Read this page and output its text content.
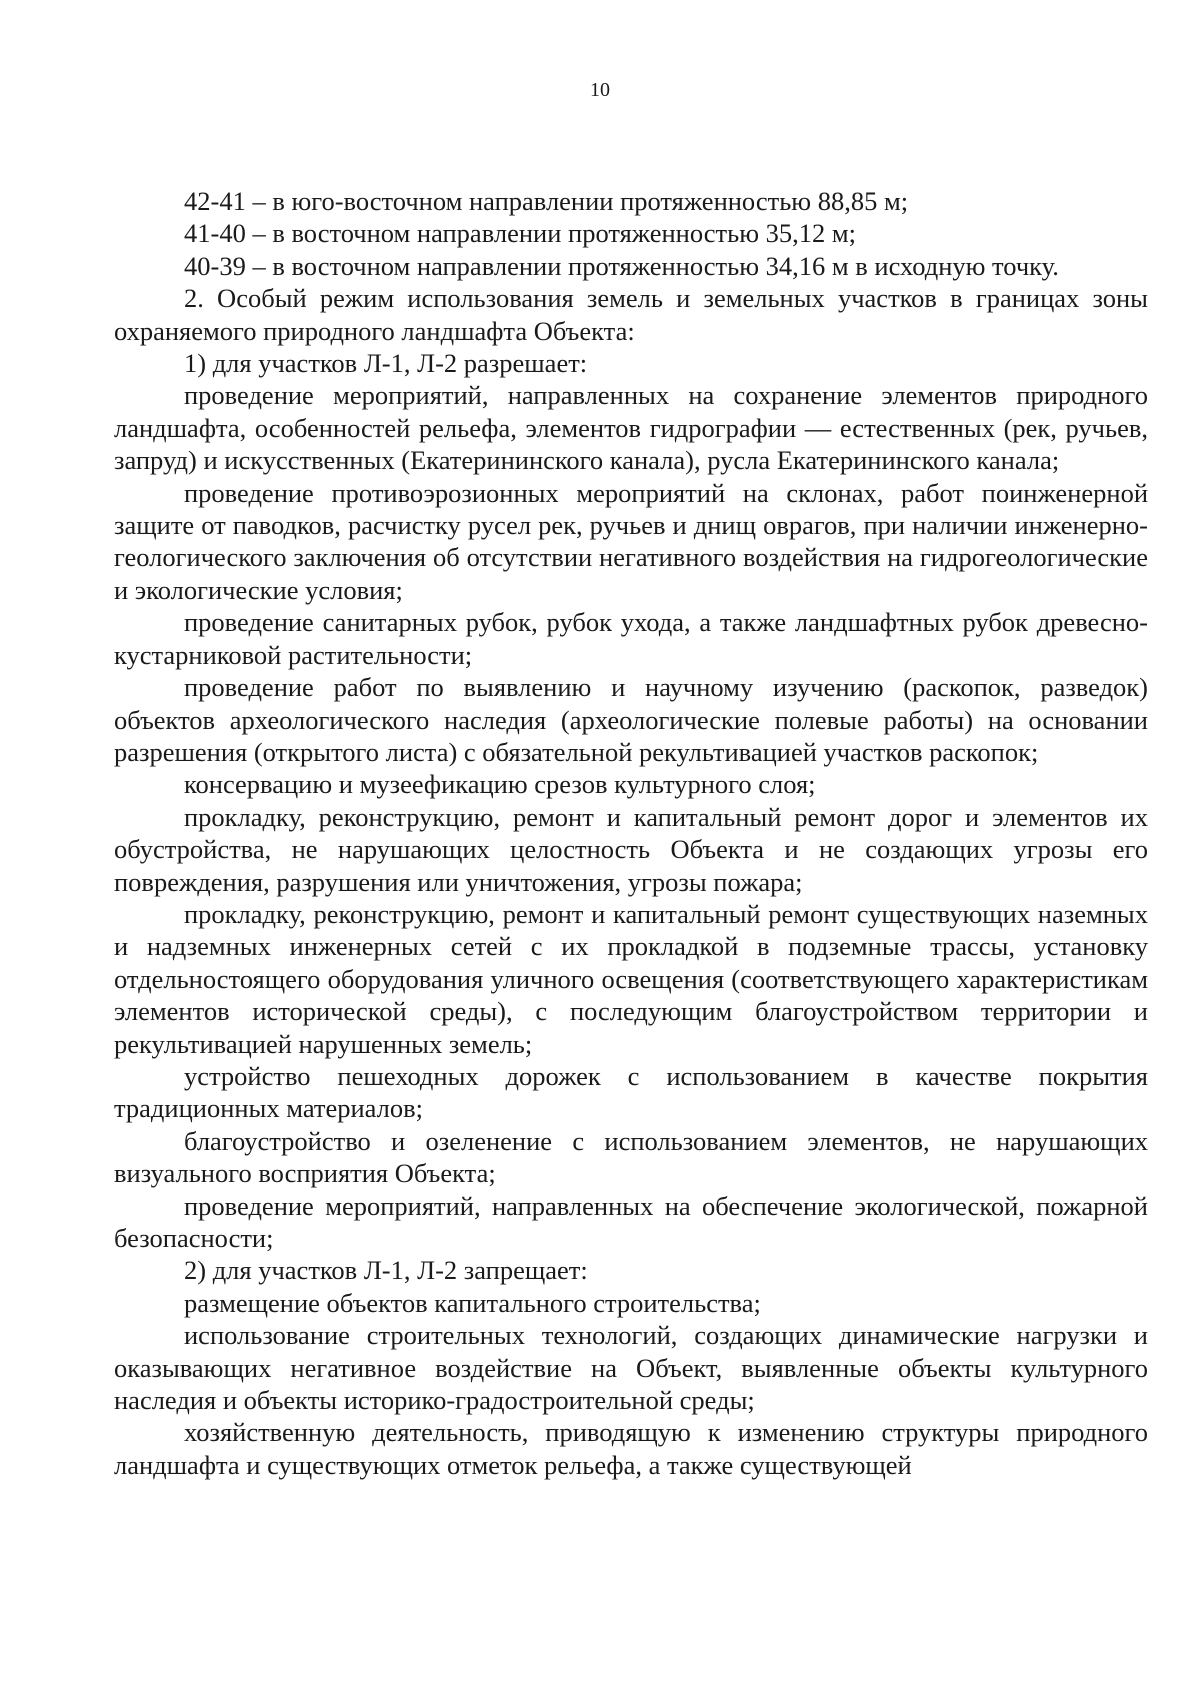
10

42-41 – в юго-восточном направлении протяженностью 88,85 м;

41-40 – в восточном направлении протяженностью 35,12 м;

40-39 – в восточном направлении протяженностью 34,16 м в исходную точку.

2. Особый режим использования земель и земельных участков в границах зоны охраняемого природного ландшафта Объекта:

1) для участков Л-1, Л-2 разрешает:

проведение мероприятий, направленных на сохранение элементов природного ландшафта, особенностей рельефа, элементов гидрографии — естественных (рек, ручьев, запруд) и искусственных (Екатерининского канала), русла Екатерининского канала;

проведение противоэрозионных мероприятий на склонах, работ поинженерной защите от паводков, расчистку русел рек, ручьев и днищ оврагов, при наличии инженерно-геологического заключения об отсутствии негативного воздействия на гидрогеологические и экологические условия;

проведение санитарных рубок, рубок ухода, а также ландшафтных рубок древесно-кустарниковой растительности;

проведение работ по выявлению и научному изучению (раскопок, разведок) объектов археологического наследия (археологические полевые работы) на основании разрешения (открытого листа) с обязательной рекультивацией участков раскопок;

консервацию и музеефикацию срезов культурного слоя;

прокладку, реконструкцию, ремонт и капитальный ремонт дорог и элементов их обустройства, не нарушающих целостность Объекта и не создающих угрозы его повреждения, разрушения или уничтожения, угрозы пожара;

прокладку, реконструкцию, ремонт и капитальный ремонт существующих наземных и надземных инженерных сетей с их прокладкой в подземные трассы, установку отдельностоящего оборудования уличного освещения (соответствующего характеристикам элементов исторической среды), с последующим благоустройством территории и рекультивацией нарушенных земель;

устройство пешеходных дорожек с использованием в качестве покрытия традиционных материалов;

благоустройство и озеленение с использованием элементов, не нарушающих визуального восприятия Объекта;

проведение мероприятий, направленных на обеспечение экологической, пожарной безопасности;

2) для участков Л-1, Л-2 запрещает:

размещение объектов капитального строительства;

использование строительных технологий, создающих динамические нагрузки и оказывающих негативное воздействие на Объект, выявленные объекты культурного наследия и объекты историко-градостроительной среды;

хозяйственную деятельность, приводящую к изменению структуры природного ландшафта и существующих отметок рельефа, а также существующей
